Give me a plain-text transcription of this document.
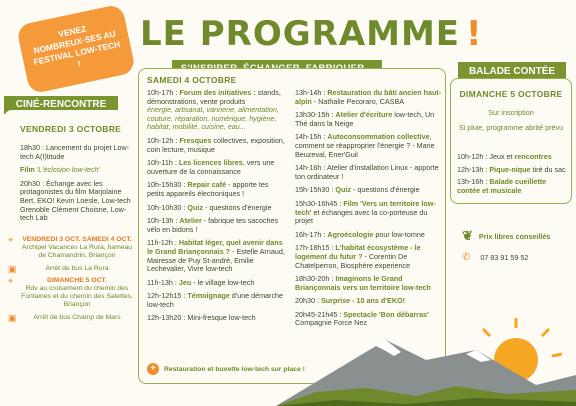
VENEZ NOMBREUX·SES AU FESTIVAL LOW-TECH !
LE PROGRAMME !
CINÉ-RENCONTRE
VENDREDI 3 OCTOBRE
18h30 : Lancement du projet Low-tech A(I)titude
Film 'L'éclosion low-tech'
20h30 : Échange avec les protagonistes du film Marjolaine Bert, EKO! Kevin Loesle, Low-tech Grenoble Clément Choisne, Low-tech Lab
⌖	VENDREDI 3 OCT. SAMEDI 4 OCT.
Archipel Vacances La Rura, hameau de Chamandrin, Briançon
▣	Arrêt de bus La Rura
⌖	DIMANCHE 5 OCT.
Rdv au croisement du chemin des Fontaines et du chemin des Salettes, Briançon
▣	Arrêt de bus Champ de Mars
SAMEDI 4 OCTOBRE
10h-17h : Forum des initiatives : stands, démonstrations, vente produits
énergie, artisanat, vannerie, alimentation, couture, réparation, numérique, hygiène, habitat, mobilité, cuisine, eau...
10h-12h : Fresques collectives, exposition, coin lecture, musique
10h-11h : Les licences libres, vers une ouverture de la connaissance
10h-15h30 : Repair café - apporte tes petits appareils électroniques !
10h-10h30 : Quiz - questions d'énergie
10h-13h : Atelier - fabrique tes sacoches vélo en bidons !
11h-12h : Habitat léger, quel avenir dans le Grand Briançonnais ? - Estelle Arnaud, Mairesse de Puy St-andré, Emilie Lechevalier, Vivre low-tech
11h-13h : Jeu - le village low-tech
12h-12h15 : Témoignage d'une démarche low-tech
12h-13h20 : Mini-fresque low-tech
13h-14h : Restauration du bâti ancien haut-alpin - Nathalie Pecoraro, CASBA
13h30-15h : Atelier d'écriture low-tech, Un Thé dans la Neige
14h-15h : Autoconsommation collective, comment se réapproprier l'énergie ? - Marie Beuzeval, Ener'Guil
14h-16h : Atelier d'installation Linux - apporte ton ordinateur !
15h-15h30 : Quiz - questions d'énergie
15h30-16h45 : Film 'Vers un territoire low-tech' et échanges avec la co-porteuse du projet
16h-17h : Agroécologie pour low-tomne
17h-18h15 : L'habitat écosystème - le logement du futur ? - Corentin De Chatelperron, Biosphère experience
18h30-20h : Imaginons le Grand Briançonnais vers un territoire low-tech
20h30 : Surprise - 10 ans d'EKO!
20h45-21h45 : Spectacle 'Bon débarras' Compagnie Force Nez
✦	Restauration et buvette low-tech sur place !
BALADE CONTÉE
DIMANCHE 5 OCTOBRE
Sur inscription
Si pluie, programme abrité prévu
10h-12h : Jeux et rencontres
12h-13h : Pique-nique tiré du sac
13h-16h : Balade cueillette contée et musicale
❦ Prix libres conseillés
✆ 07 83 91 59 52
